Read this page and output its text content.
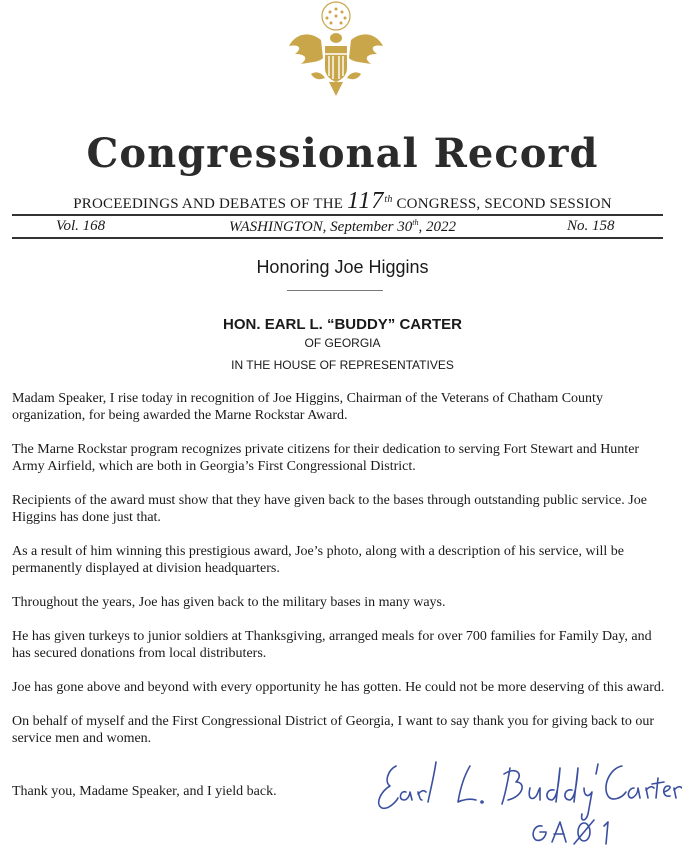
Congressional Record
PROCEEDINGS AND DEBATES OF THE 117th CONGRESS, SECOND SESSION
Vol. 168	WASHINGTON, September 30th, 2022	No. 158
Honoring Joe Higgins
HON. EARL L. “BUDDY” CARTER
OF GEORGIA
IN THE HOUSE OF REPRESENTATIVES

Madam Speaker, I rise today in recognition of Joe Higgins, Chairman of the Veterans of Chatham County organization, for being awarded the Marne Rockstar Award.

The Marne Rockstar program recognizes private citizens for their dedication to serving Fort Stewart and Hunter Army Airfield, which are both in Georgia’s First Congressional District.

Recipients of the award must show that they have given back to the bases through outstanding public service. Joe Higgins has done just that.

As a result of him winning this prestigious award, Joe’s photo, along with a description of his service, will be permanently displayed at division headquarters.

Throughout the years, Joe has given back to the military bases in many ways.

He has given turkeys to junior soldiers at Thanksgiving, arranged meals for over 700 families for Family Day, and has secured donations from local distributers.

Joe has gone above and beyond with every opportunity he has gotten. He could not be more deserving of this award.

On behalf of myself and the First Congressional District of Georgia, I want to say thank you for giving back to our service men and women.

Thank you, Madame Speaker, and I yield back.
